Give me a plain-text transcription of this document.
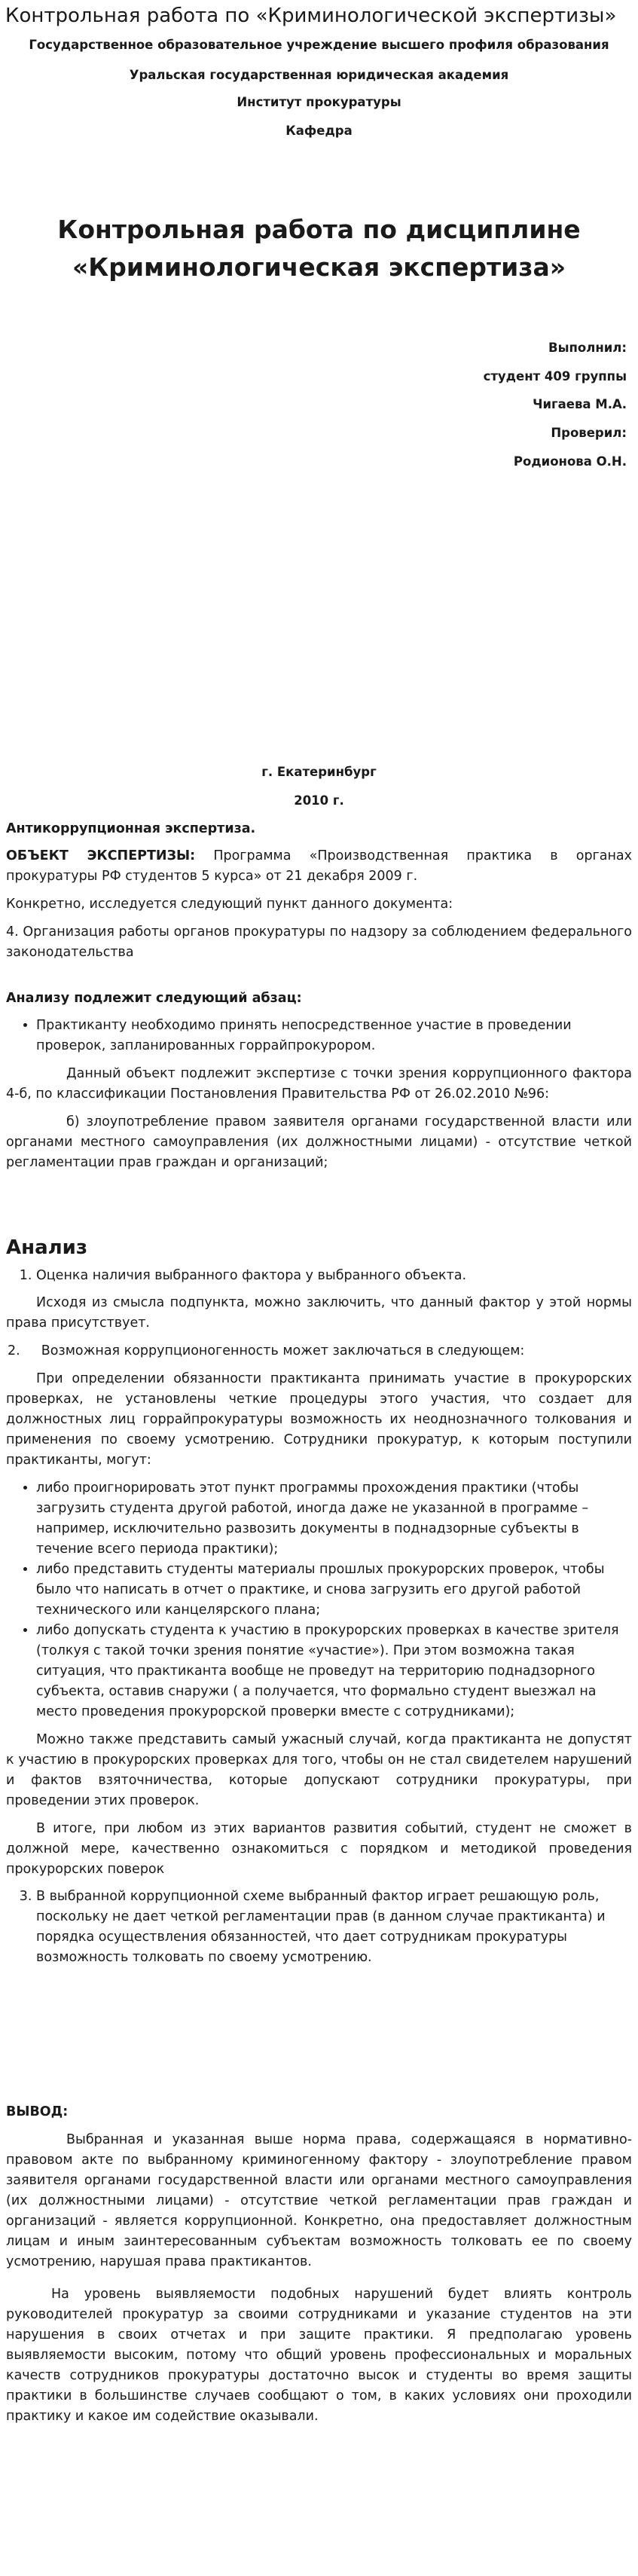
Контрольная работа по «Криминологической экспертизы»
Государственное образовательное учреждение высшего профиля образования
Уральская государственная юридическая академия
Институт прокуратуры
Кафедра
Контрольная работа по дисциплине
«Криминологическая экспертиза»
Выполнил:
студент 409 группы
Чигаева М.А.
Проверил:
Родионова О.Н.
г. Екатеринбург
2010 г.

Антикоррупционная экспертиза.

ОБЪЕКТ ЭКСПЕРТИЗЫ: Программа «Производственная практика в органах прокуратуры РФ студентов 5 курса» от 21 декабря 2009 г.

Конкретно, исследуется следующий пункт данного документа:

4. Организация работы органов прокуратуры по надзору за соблюдением федерального законодательства

Анализу подлежит следующий абзац:

• Практиканту необходимо принять непосредственное участие в проведении проверок, запланированных горрайпрокурором.

Данный объект подлежит экспертизе с точки зрения коррупционного фактора 4-б, по классификации Постановления Правительства РФ от 26.02.2010 №96:

б) злоупотребление правом заявителя органами государственной власти или органами местного самоуправления (их должностными лицами) - отсутствие четкой регламентации прав граждан и организаций;

Анализ

1. Оценка наличия выбранного фактора у выбранного объекта.

Исходя из смысла подпункта, можно заключить, что данный фактор у этой нормы права присутствует.

2. Возможная коррупционогенность может заключаться в следующем:

При определении обязанности практиканта принимать участие в прокурорских проверках, не установлены четкие процедуры этого участия, что создает для должностных лиц горрайпрокуратуры возможность их неоднозначного толкования и применения по своему усмотрению. Сотрудники прокуратур, к которым поступили практиканты, могут:

• либо проигнорировать этот пункт программы прохождения практики (чтобы загрузить студента другой работой, иногда даже не указанной в программе – например, исключительно развозить документы в поднадзорные субъекты в течение всего периода практики);
• либо представить студенты материалы прошлых прокурорских проверок, чтобы было что написать в отчет о практике, и снова загрузить его другой работой технического или канцелярского плана;
• либо допускать студента к участию в прокурорских проверках в качестве зрителя (толкуя с такой точки зрения понятие «участие»). При этом возможна такая ситуация, что практиканта вообще не проведут на территорию поднадзорного субъекта, оставив снаружи ( а получается, что формально студент выезжал на место проведения прокурорской проверки вместе с сотрудниками);

Можно также представить самый ужасный случай, когда практиканта не допустят к участию в прокурорских проверках для того, чтобы он не стал свидетелем нарушений и фактов взяточничества, которые допускают сотрудники прокуратуры, при проведении этих проверок.

В итоге, при любом из этих вариантов развития событий, студент не сможет в должной мере, качественно ознакомиться с порядком и методикой проведения прокурорских поверок

3. В выбранной коррупционной схеме выбранный фактор играет решающую роль, поскольку не дает четкой регламентации прав (в данном случае практиканта) и порядка осуществления обязанностей, что дает сотрудникам прокуратуры возможность толковать по своему усмотрению.

ВЫВОД:

Выбранная и указанная выше норма права, содержащаяся в нормативно-правовом акте по выбранному криминогенному фактору - злоупотребление правом заявителя органами государственной власти или органами местного самоуправления (их должностными лицами) - отсутствие четкой регламентации прав граждан и организаций - является коррупционной. Конкретно, она предоставляет должностным лицам и иным заинтересованным субъектам возможность толковать ее по своему усмотрению, нарушая права практикантов.

На уровень выявляемости подобных нарушений будет влиять контроль руководителей прокуратур за своими сотрудниками и указание студентов на эти нарушения в своих отчетах и при защите практики. Я предполагаю уровень выявляемости высоким, потому что общий уровень профессиональных и моральных качеств сотрудников прокуратуры достаточно высок и студенты во время защиты практики в большинстве случаев сообщают о том, в каких условиях они проходили практику и какое им содействие оказывали.
